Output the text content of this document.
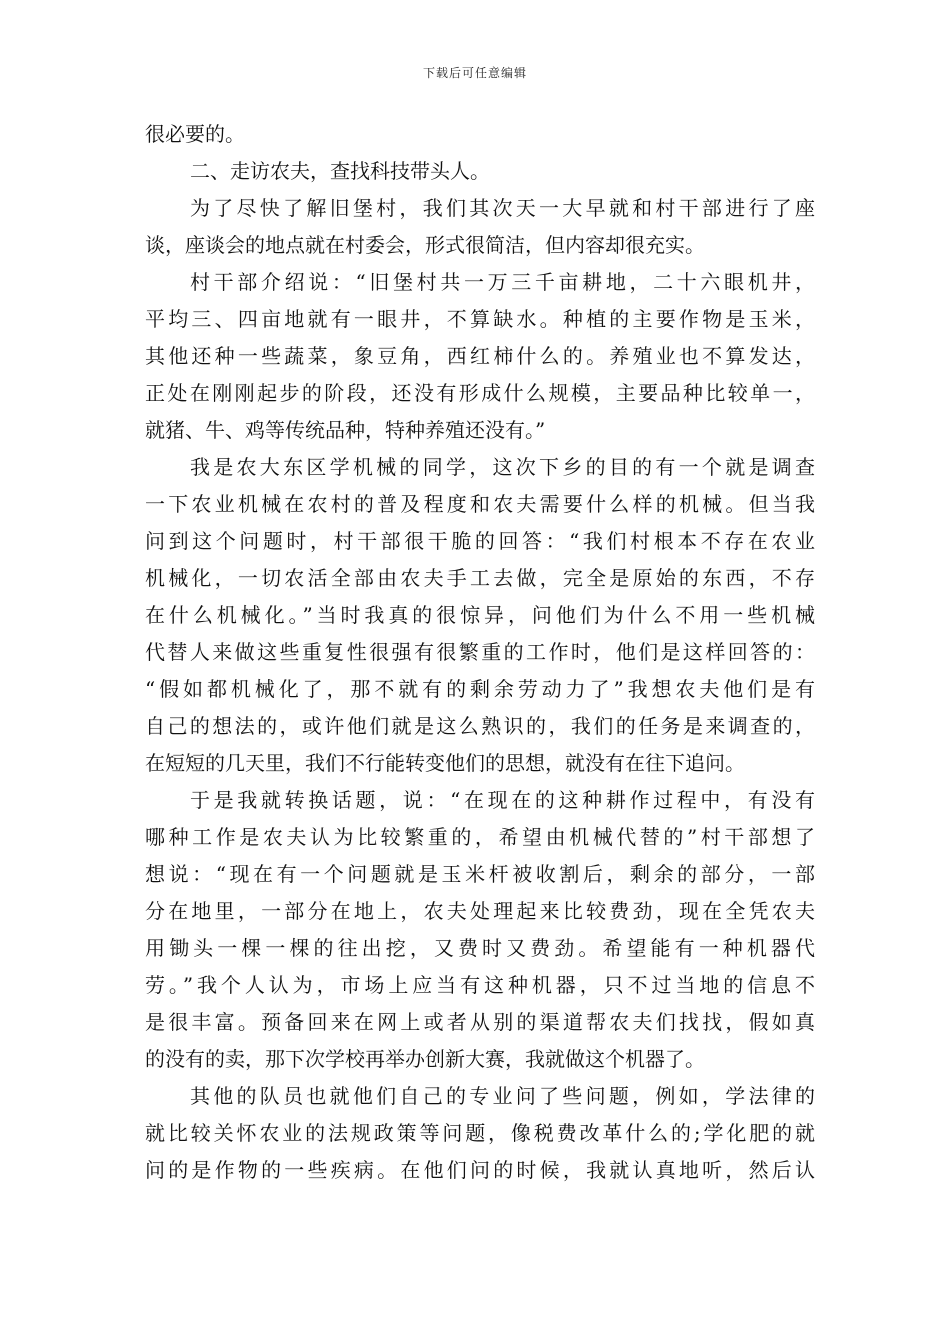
下载后可任意编辑
很必要的。
二、走访农夫，查找科技带头人。
为了尽快了解旧堡村，我们其次天一大早就和村干部进行了座
谈，座谈会的地点就在村委会，形式很简洁，但内容却很充实。
村干部介绍说：“旧堡村共一万三千亩耕地，二十六眼机井，
平均三、四亩地就有一眼井，不算缺水。种植的主要作物是玉米，
其他还种一些蔬菜，象豆角，西红柿什么的。养殖业也不算发达，
正处在刚刚起步的阶段，还没有形成什么规模，主要品种比较单一，
就猪、牛、鸡等传统品种，特种养殖还没有。”
我是农大东区学机械的同学，这次下乡的目的有一个就是调查
一下农业机械在农村的普及程度和农夫需要什么样的机械。但当我
问到这个问题时，村干部很干脆的回答：“我们村根本不存在农业
机械化，一切农活全部由农夫手工去做，完全是原始的东西，不存
在什么机械化。”当时我真的很惊异，问他们为什么不用一些机械
代替人来做这些重复性很强有很繁重的工作时，他们是这样回答的：
“假如都机械化了，那不就有的剩余劳动力了”我想农夫他们是有
自己的想法的，或许他们就是这么熟识的，我们的任务是来调查的，
在短短的几天里，我们不行能转变他们的思想，就没有在往下追问。
于是我就转换话题，说：“在现在的这种耕作过程中，有没有
哪种工作是农夫认为比较繁重的，希望由机械代替的”村干部想了
想说：“现在有一个问题就是玉米杆被收割后，剩余的部分，一部
分在地里，一部分在地上，农夫处理起来比较费劲，现在全凭农夫
用锄头一棵一棵的往出挖，又费时又费劲。希望能有一种机器代
劳。”我个人认为，市场上应当有这种机器，只不过当地的信息不
是很丰富。预备回来在网上或者从别的渠道帮农夫们找找，假如真
的没有的卖，那下次学校再举办创新大赛，我就做这个机器了。
其他的队员也就他们自己的专业问了些问题，例如，学法律的
就比较关怀农业的法规政策等问题，像税费改革什么的;学化肥的就
问的是作物的一些疾病。在他们问的时候，我就认真地听，然后认
